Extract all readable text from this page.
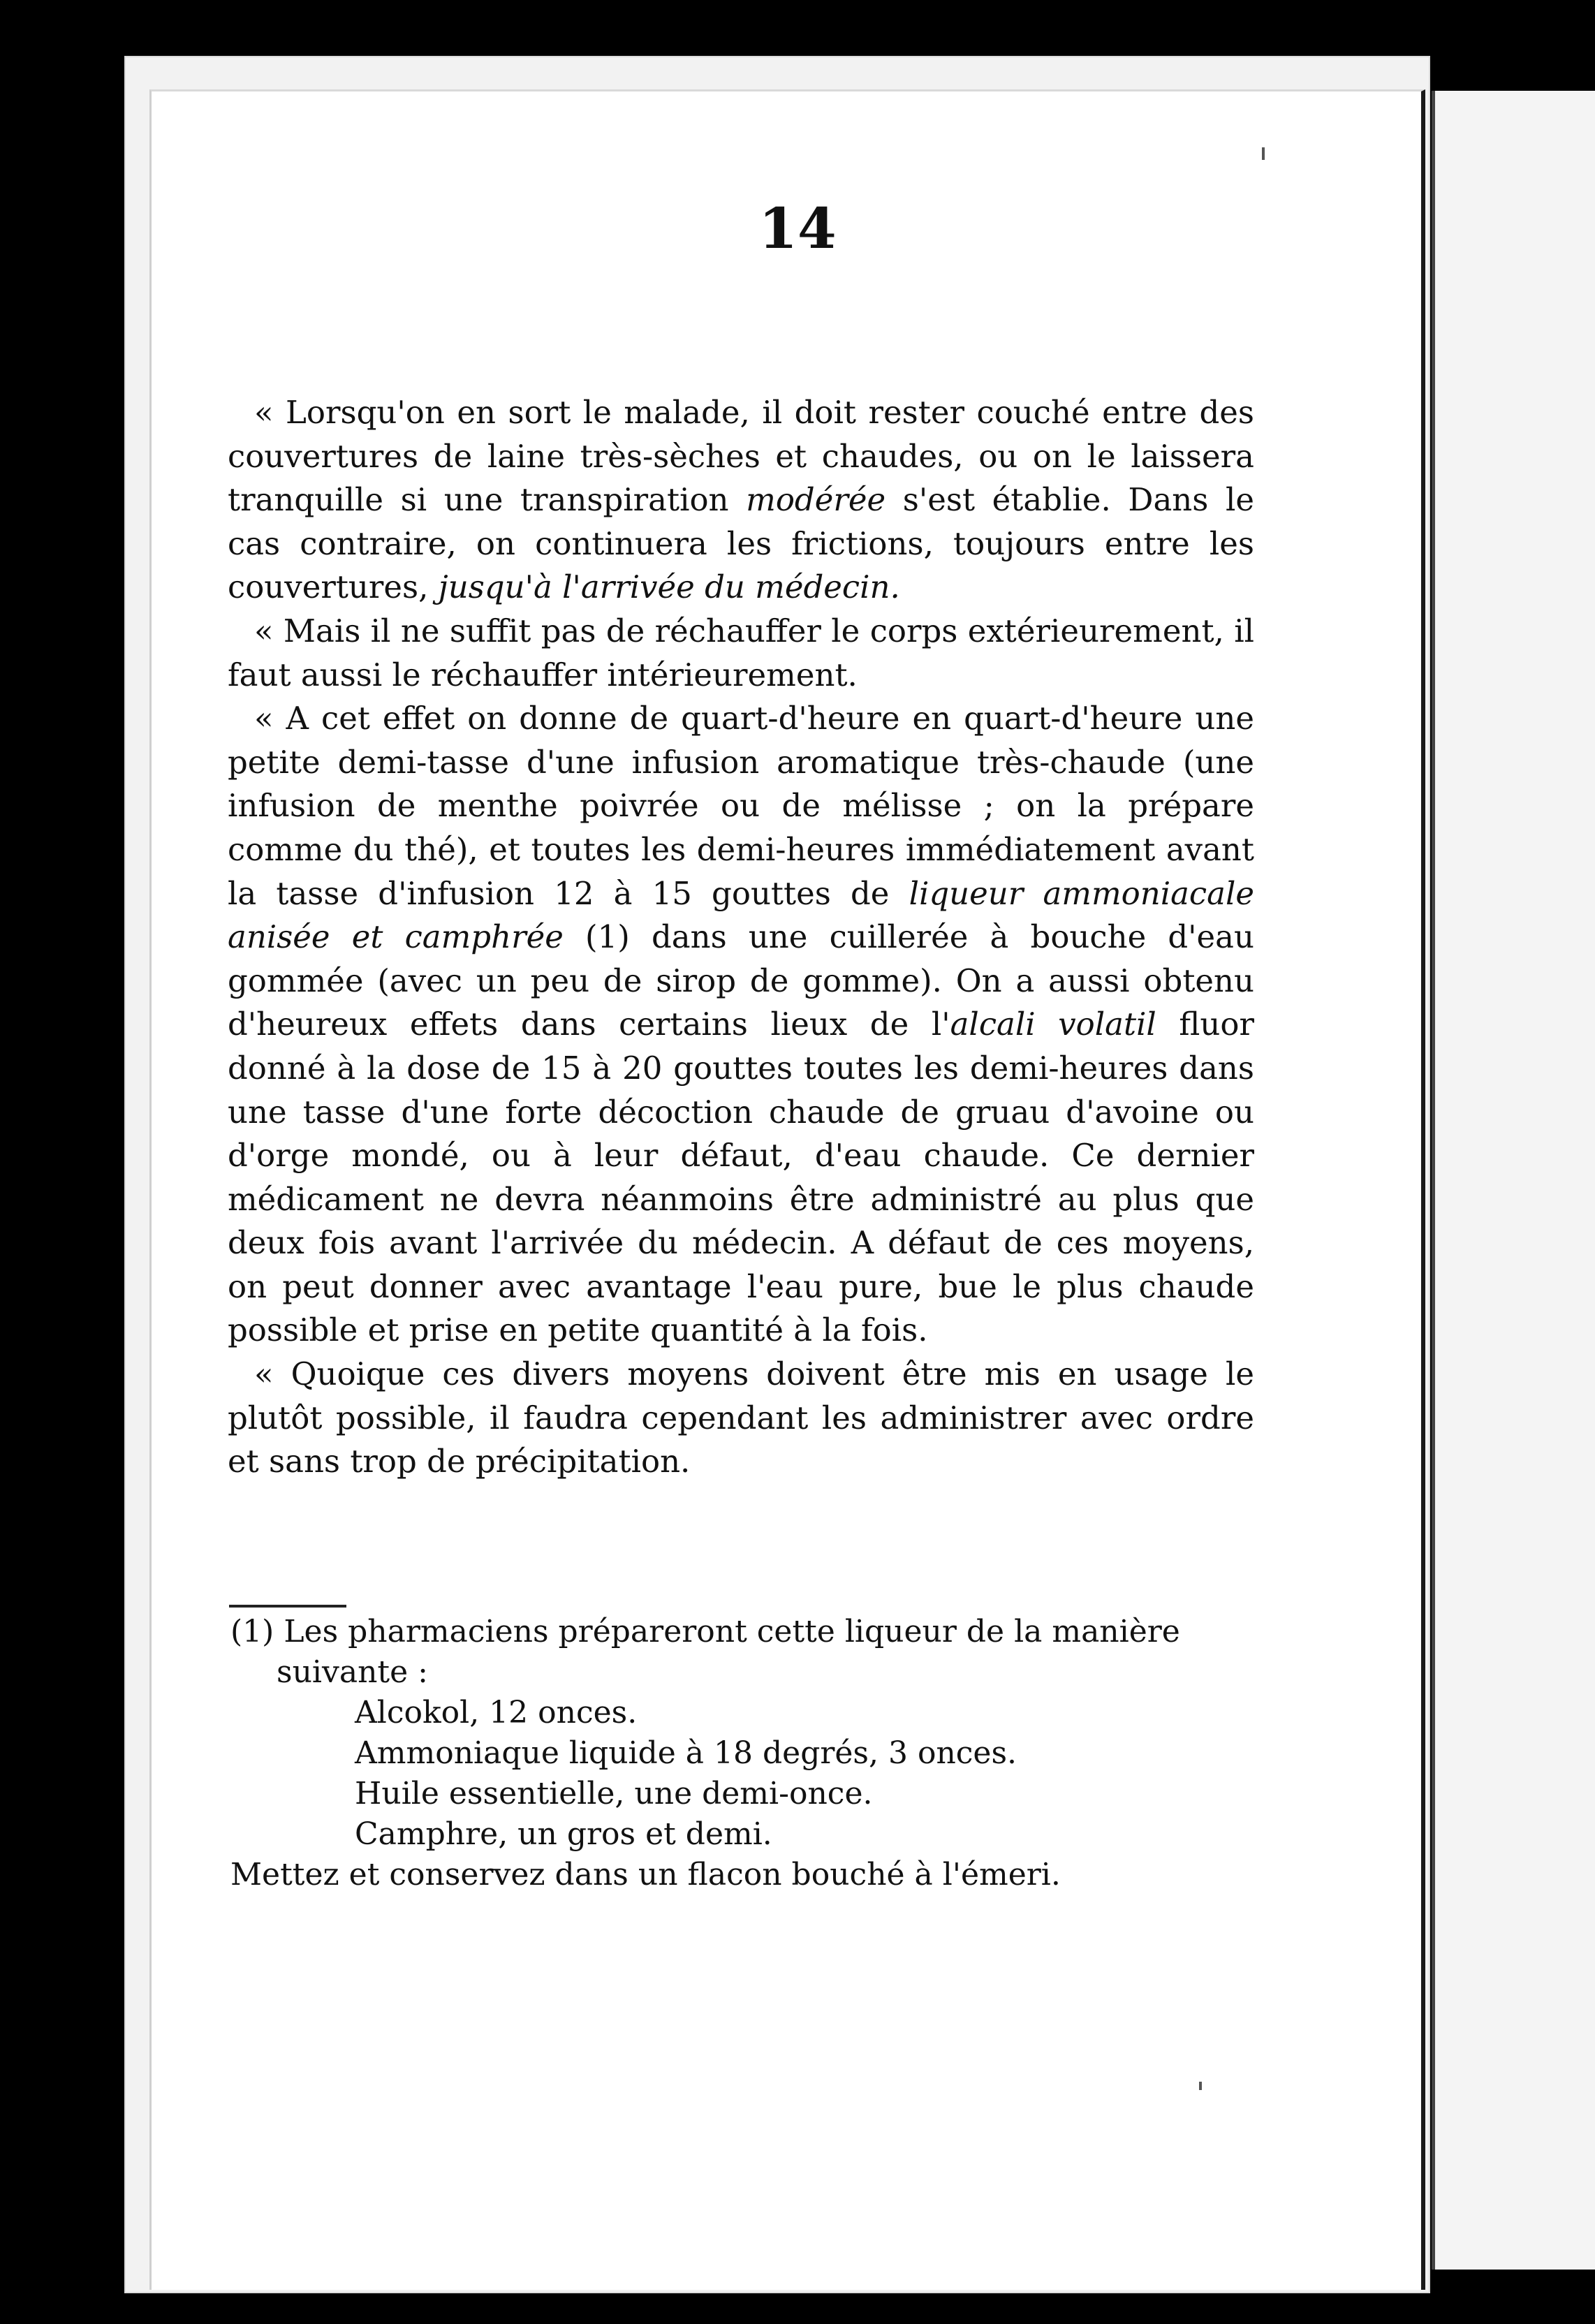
14

« Lorsqu'on en sort le malade, il doit rester couché entre des couvertures de laine très-sèches et chaudes, ou on le laissera tranquille si une transpiration modérée s'est établie. Dans le cas contraire, on continuera les frictions, toujours entre les couvertures, jusqu'à l'arrivée du médecin.

« Mais il ne suffit pas de réchauffer le corps extérieurement, il faut aussi le réchauffer intérieurement.

« A cet effet on donne de quart-d'heure en quart-d'heure une petite demi-tasse d'une infusion aromatique très-chaude (une infusion de menthe poivrée ou de mélisse ; on la prépare comme du thé), et toutes les demi-heures immédiatement avant la tasse d'infusion 12 à 15 gouttes de liqueur ammoniacale anisée et camphrée (1) dans une cuillerée à bouche d'eau gommée (avec un peu de sirop de gomme). On a aussi obtenu d'heureux effets dans certains lieux de l'alcali volatil fluor donné à la dose de 15 à 20 gouttes toutes les demi-heures dans une tasse d'une forte décoction chaude de gruau d'avoine ou d'orge mondé, ou à leur défaut, d'eau chaude. Ce dernier médicament ne devra néanmoins être administré au plus que deux fois avant l'arrivée du médecin. A défaut de ces moyens, on peut donner avec avantage l'eau pure, bue le plus chaude possible et prise en petite quantité à la fois.

« Quoique ces divers moyens doivent être mis en usage le plutôt possible, il faudra cependant les administrer avec ordre et sans trop de précipitation.

(1) Les pharmaciens prépareront cette liqueur de la manière suivante :

Alcokol, 12 onces.

Ammoniaque liquide à 18 degrés, 3 onces.

Huile essentielle, une demi-once.

Camphre, un gros et demi.

Mettez et conservez dans un flacon bouché à l'émeri.
